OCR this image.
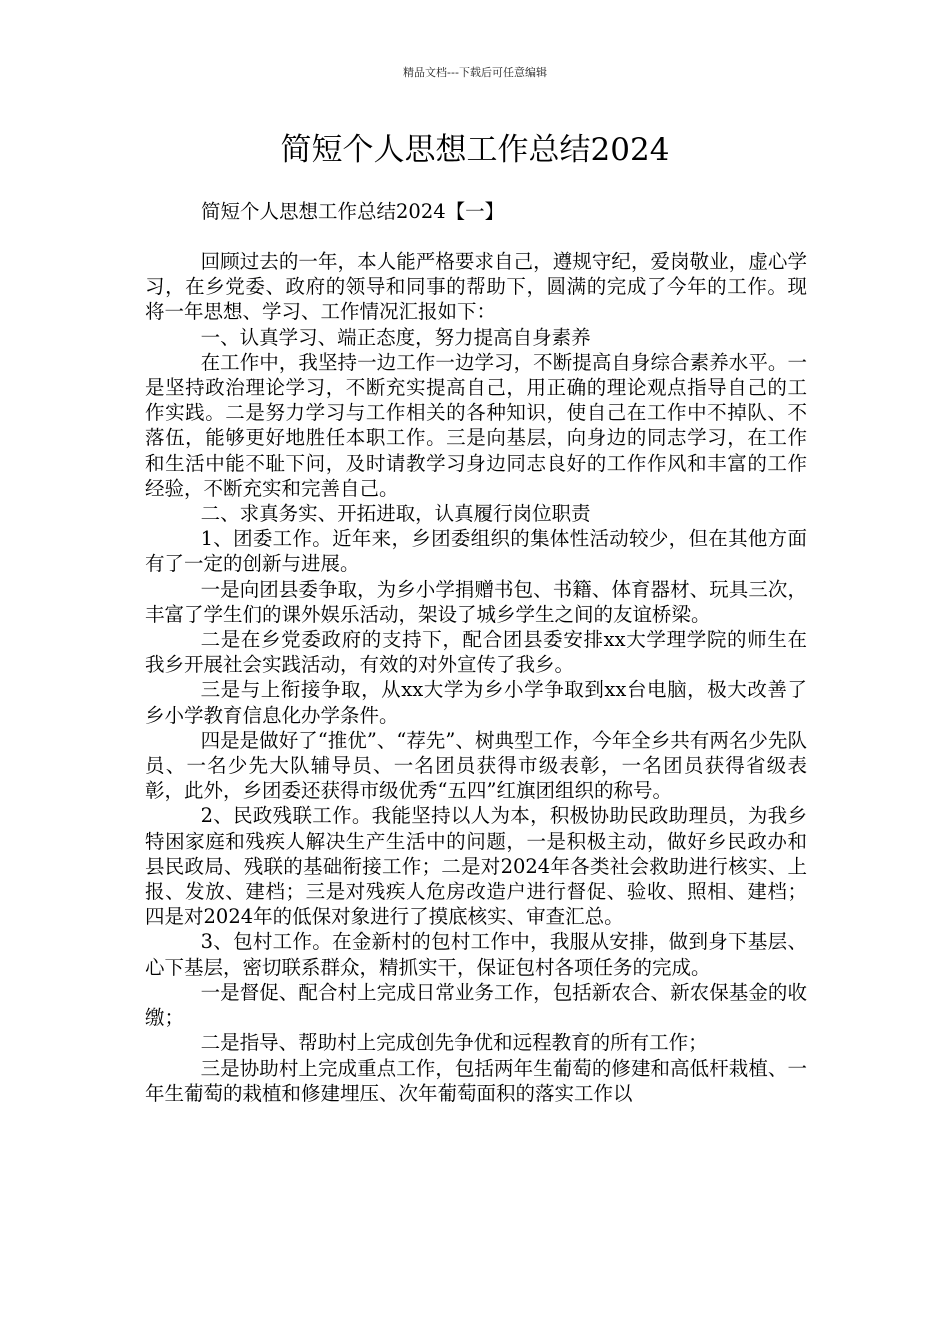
精品文档---下载后可任意编辑
简短个人思想工作总结2024
简短个人思想工作总结2024【一】

回顾过去的一年，本人能严格要求自己，遵规守纪，爱岗敬业，虚心学习，在乡党委、政府的领导和同事的帮助下，圆满的完成了今年的工作。现将一年思想、学习、工作情况汇报如下：

一、认真学习、端正态度，努力提高自身素养

在工作中，我坚持一边工作一边学习，不断提高自身综合素养水平。一是坚持政治理论学习，不断充实提高自己，用正确的理论观点指导自己的工作实践。二是努力学习与工作相关的各种知识，使自己在工作中不掉队、不落伍，能够更好地胜任本职工作。三是向基层，向身边的同志学习，在工作和生活中能不耻下问，及时请教学习身边同志良好的工作作风和丰富的工作经验，不断充实和完善自己。

二、求真务实、开拓进取，认真履行岗位职责

1、团委工作。近年来，乡团委组织的集体性活动较少，但在其他方面有了一定的创新与进展。

一是向团县委争取，为乡小学捐赠书包、书籍、体育器材、玩具三次，丰富了学生们的课外娱乐活动，架设了城乡学生之间的友谊桥梁。

二是在乡党委政府的支持下，配合团县委安排xx大学理学院的师生在我乡开展社会实践活动，有效的对外宣传了我乡。

三是与上衔接争取，从xx大学为乡小学争取到xx台电脑，极大改善了乡小学教育信息化办学条件。

四是是做好了“推优”、“荐先”、树典型工作，今年全乡共有两名少先队员、一名少先大队辅导员、一名团员获得市级表彰，一名团员获得省级表彰，此外，乡团委还获得市级优秀“五四”红旗团组织的称号。

2、民政残联工作。我能坚持以人为本，积极协助民政助理员，为我乡特困家庭和残疾人解决生产生活中的问题，一是积极主动，做好乡民政办和县民政局、残联的基础衔接工作；二是对2024年各类社会救助进行核实、上报、发放、建档；三是对残疾人危房改造户进行督促、验收、照相、建档；四是对2024年的低保对象进行了摸底核实、审查汇总。

3、包村工作。在金新村的包村工作中，我服从安排，做到身下基层、心下基层，密切联系群众，精抓实干，保证包村各项任务的完成。

一是督促、配合村上完成日常业务工作，包括新农合、新农保基金的收缴；

二是指导、帮助村上完成创先争优和远程教育的所有工作；

三是协助村上完成重点工作，包括两年生葡萄的修建和高低杆栽植、一年生葡萄的栽植和修建埋压、次年葡萄面积的落实工作以
